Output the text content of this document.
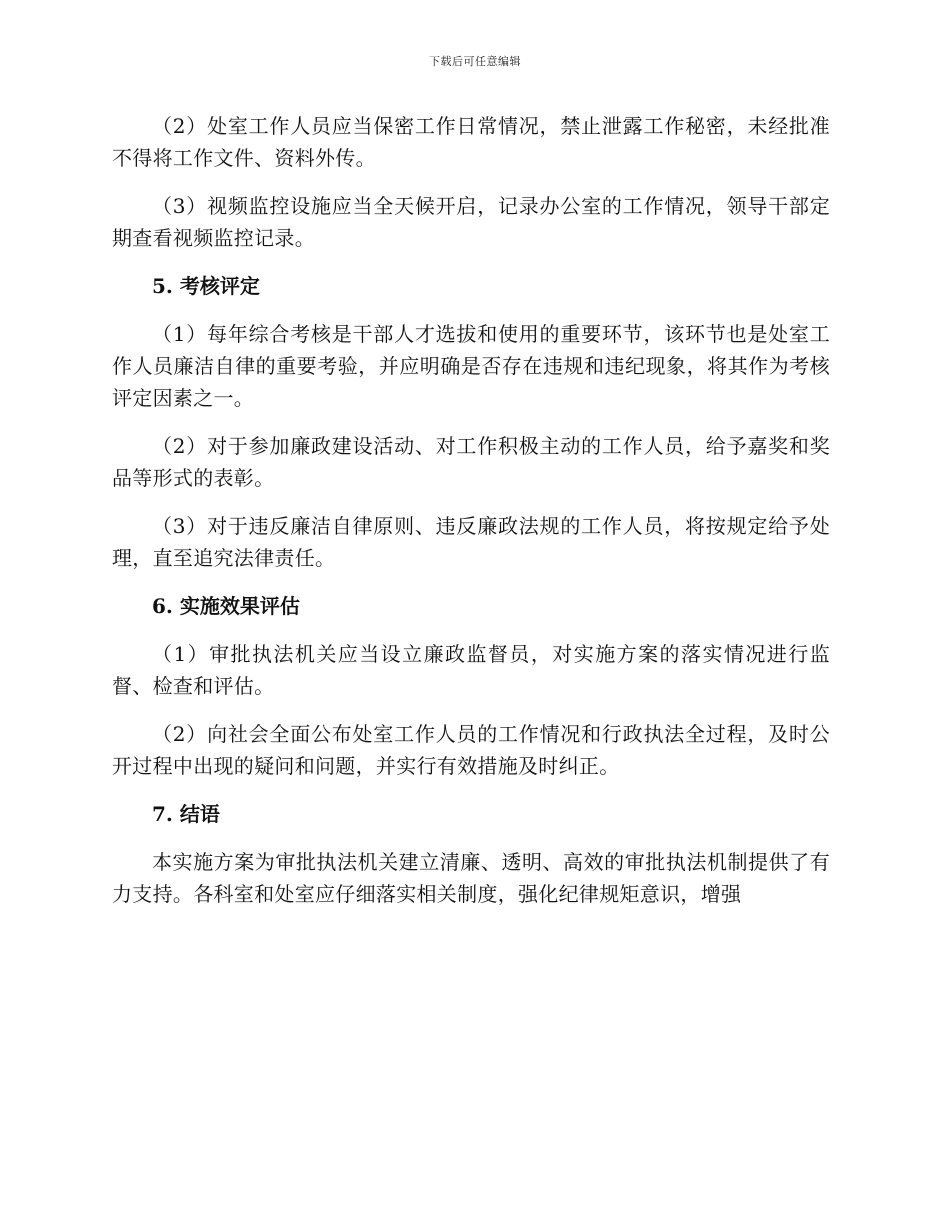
下载后可任意编辑

（2）处室工作人员应当保密工作日常情况，禁止泄露工作秘密，未经批准不得将工作文件、资料外传。

（3）视频监控设施应当全天候开启，记录办公室的工作情况，领导干部定期查看视频监控记录。

5. 考核评定

（1）每年综合考核是干部人才选拔和使用的重要环节，该环节也是处室工作人员廉洁自律的重要考验，并应明确是否存在违规和违纪现象，将其作为考核评定因素之一。

（2）对于参加廉政建设活动、对工作积极主动的工作人员，给予嘉奖和奖品等形式的表彰。

（3）对于违反廉洁自律原则、违反廉政法规的工作人员，将按规定给予处理，直至追究法律责任。

6. 实施效果评估

（1）审批执法机关应当设立廉政监督员，对实施方案的落实情况进行监督、检查和评估。

（2）向社会全面公布处室工作人员的工作情况和行政执法全过程，及时公开过程中出现的疑问和问题，并实行有效措施及时纠正。

7. 结语

本实施方案为审批执法机关建立清廉、透明、高效的审批执法机制提供了有力支持。各科室和处室应仔细落实相关制度，强化纪律规矩意识，增强
